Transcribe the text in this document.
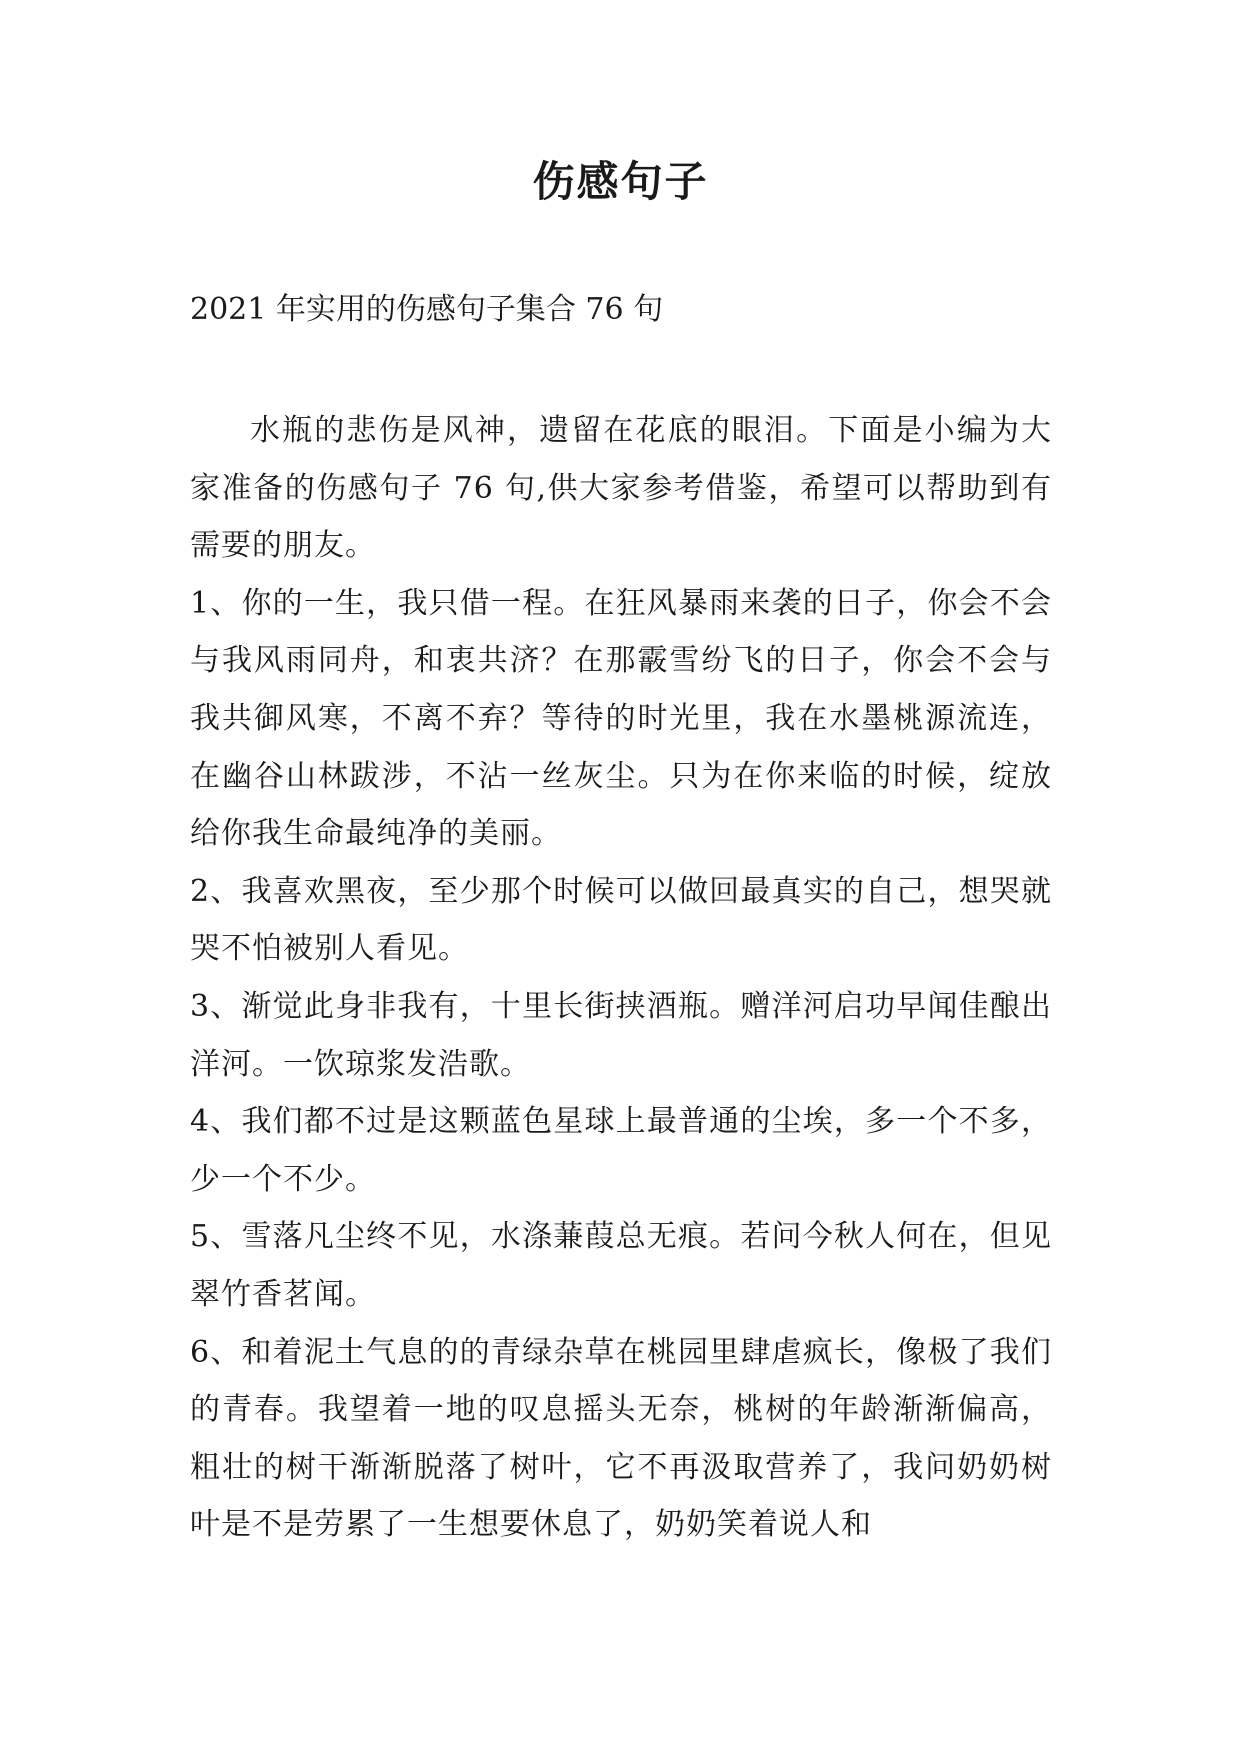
伤感句子

2021 年实用的伤感句子集合 76 句

水瓶的悲伤是风神，遗留在花底的眼泪。下面是小编为大家准备的伤感句子 76 句,供大家参考借鉴，希望可以帮助到有需要的朋友。

1、你的一生，我只借一程。在狂风暴雨来袭的日子，你会不会与我风雨同舟，和衷共济？在那霰雪纷飞的日子，你会不会与我共御风寒，不离不弃？等待的时光里，我在水墨桃源流连，在幽谷山林跋涉，不沾一丝灰尘。只为在你来临的时候，绽放给你我生命最纯净的美丽。

2、我喜欢黑夜，至少那个时候可以做回最真实的自己，想哭就哭不怕被别人看见。

3、渐觉此身非我有，十里长街挟酒瓶。赠洋河启功早闻佳酿出洋河。一饮琼浆发浩歌。

4、我们都不过是这颗蓝色星球上最普通的尘埃，多一个不多，少一个不少。

5、雪落凡尘终不见，水涤蒹葭总无痕。若问今秋人何在，但见翠竹香茗闻。

6、和着泥土气息的的青绿杂草在桃园里肆虐疯长，像极了我们的青春。我望着一地的叹息摇头无奈，桃树的年龄渐渐偏高，粗壮的树干渐渐脱落了树叶，它不再汲取营养了，我问奶奶树叶是不是劳累了一生想要休息了，奶奶笑着说人和
